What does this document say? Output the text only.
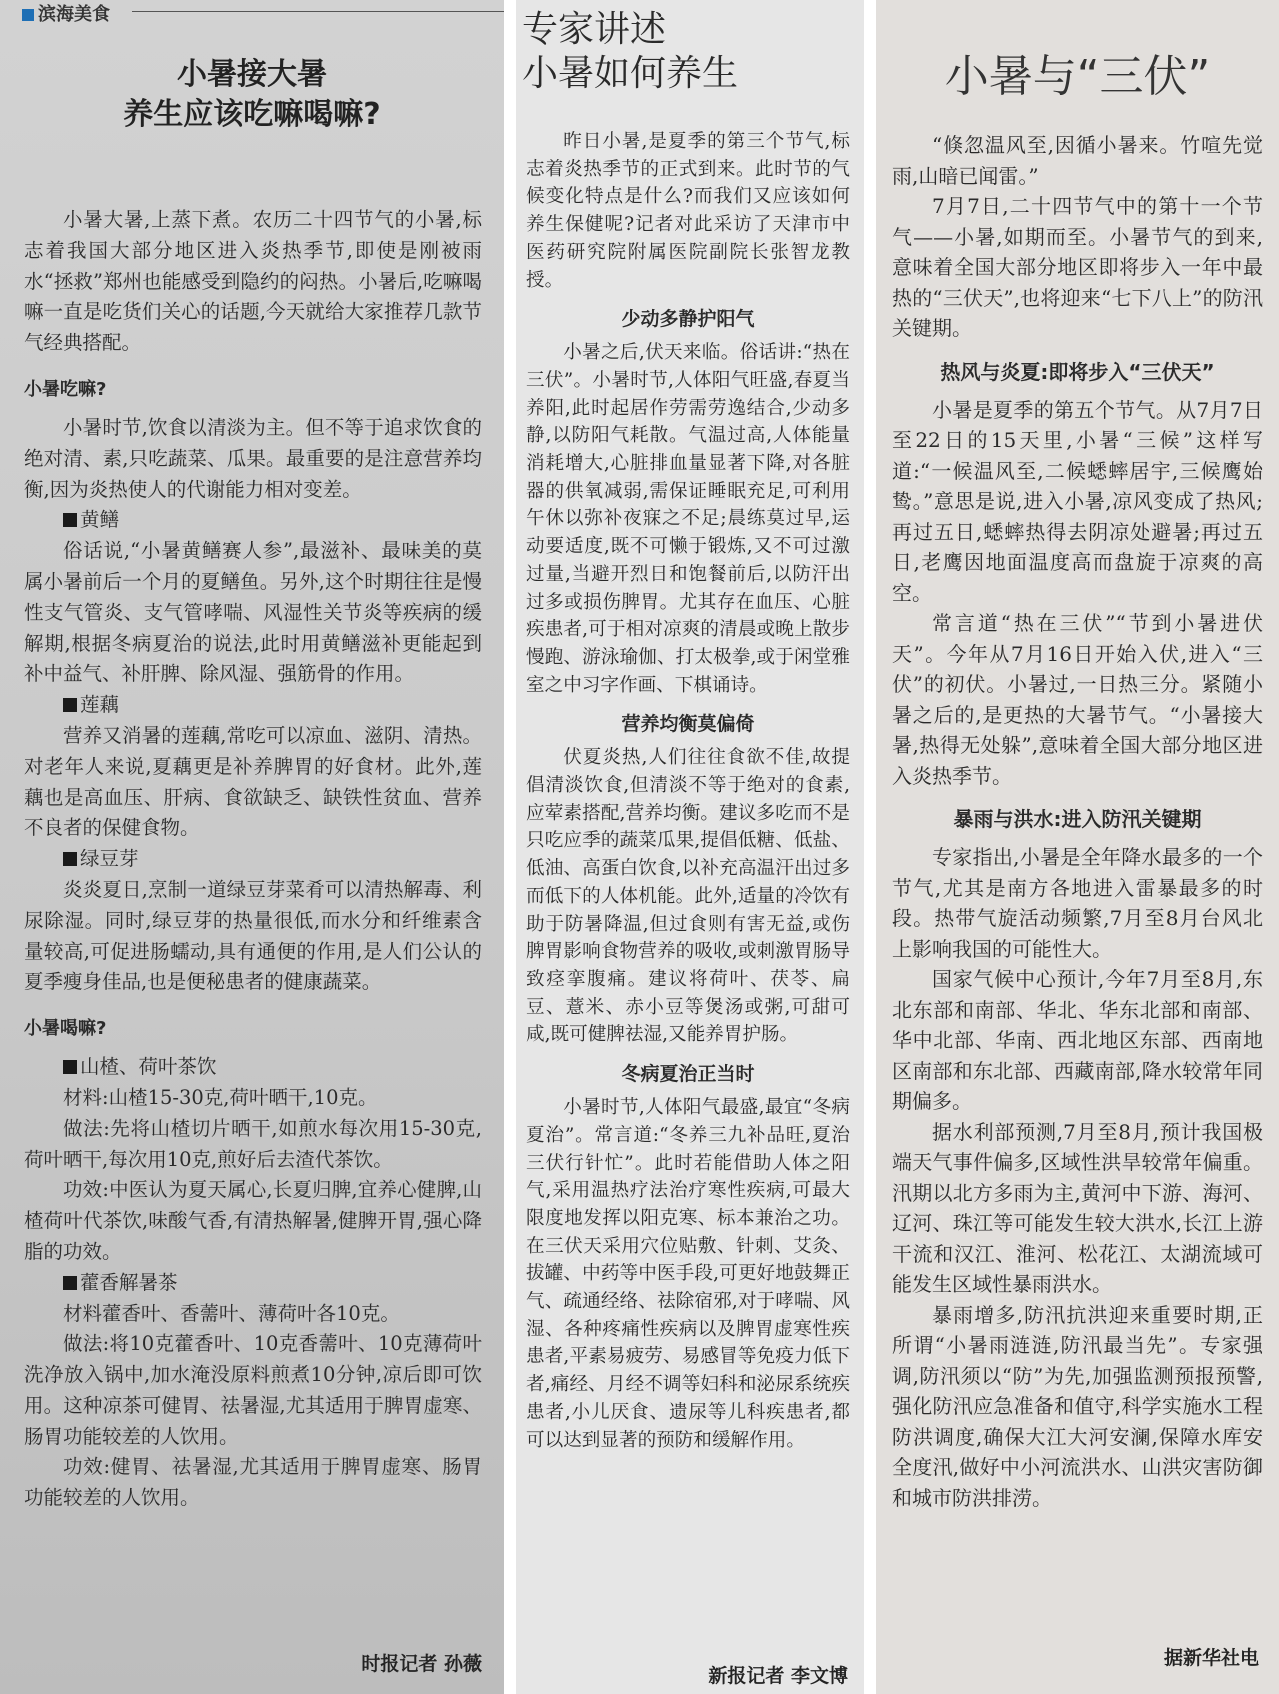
滨海美食
小暑接大暑
养生应该吃嘛喝嘛?

小暑大暑,上蒸下煮。农历二十四节气的小暑,标志着我国大部分地区进入炎热季节,即使是刚被雨水“拯救”郑州也能感受到隐约的闷热。小暑后,吃嘛喝嘛一直是吃货们关心的话题,今天就给大家推荐几款节气经典搭配。

小暑吃嘛?

小暑时节,饮食以清淡为主。但不等于追求饮食的绝对清、素,只吃蔬菜、瓜果。最重要的是注意营养均衡,因为炎热使人的代谢能力相对变差。

黄鳝

俗话说,“小暑黄鳝赛人参”,最滋补、最味美的莫属小暑前后一个月的夏鳝鱼。另外,这个时期往往是慢性支气管炎、支气管哮喘、风湿性关节炎等疾病的缓解期,根据冬病夏治的说法,此时用黄鳝滋补更能起到补中益气、补肝脾、除风湿、强筋骨的作用。

莲藕

营养又消暑的莲藕,常吃可以凉血、滋阴、清热。对老年人来说,夏藕更是补养脾胃的好食材。此外,莲藕也是高血压、肝病、食欲缺乏、缺铁性贫血、营养不良者的保健食物。

绿豆芽

炎炎夏日,烹制一道绿豆芽菜肴可以清热解毒、利尿除湿。同时,绿豆芽的热量很低,而水分和纤维素含量较高,可促进肠蠕动,具有通便的作用,是人们公认的夏季瘦身佳品,也是便秘患者的健康蔬菜。

小暑喝嘛?

山楂、荷叶茶饮

材料:山楂15-30克,荷叶晒干,10克。

做法:先将山楂切片晒干,如煎水每次用15-30克,荷叶晒干,每次用10克,煎好后去渣代茶饮。

功效:中医认为夏天属心,长夏归脾,宜养心健脾,山楂荷叶代茶饮,味酸气香,有清热解暑,健脾开胃,强心降脂的功效。

藿香解暑茶

材料藿香叶、香薷叶、薄荷叶各10克。

做法:将10克藿香叶、10克香薷叶、10克薄荷叶洗净放入锅中,加水淹没原料煎煮10分钟,凉后即可饮用。这种凉茶可健胃、祛暑湿,尤其适用于脾胃虚寒、肠胃功能较差的人饮用。

功效:健胃、祛暑湿,尤其适用于脾胃虚寒、肠胃功能较差的人饮用。

时报记者 孙薇
专家讲述
小暑如何养生

昨日小暑,是夏季的第三个节气,标志着炎热季节的正式到来。此时节的气候变化特点是什么?而我们又应该如何养生保健呢?记者对此采访了天津市中医药研究院附属医院副院长张智龙教授。

少动多静护阳气

小暑之后,伏天来临。俗话讲:“热在三伏”。小暑时节,人体阳气旺盛,春夏当养阳,此时起居作劳需劳逸结合,少动多静,以防阳气耗散。气温过高,人体能量消耗增大,心脏排血量显著下降,对各脏器的供氧减弱,需保证睡眠充足,可利用午休以弥补夜寐之不足;晨练莫过早,运动要适度,既不可懒于锻炼,又不可过激过量,当避开烈日和饱餐前后,以防汗出过多或损伤脾胃。尤其存在血压、心脏疾患者,可于相对凉爽的清晨或晚上散步慢跑、游泳瑜伽、打太极拳,或于闲堂雅室之中习字作画、下棋诵诗。

营养均衡莫偏倚

伏夏炎热,人们往往食欲不佳,故提倡清淡饮食,但清淡不等于绝对的食素,应荤素搭配,营养均衡。建议多吃而不是只吃应季的蔬菜瓜果,提倡低糖、低盐、低油、高蛋白饮食,以补充高温汗出过多而低下的人体机能。此外,适量的冷饮有助于防暑降温,但过食则有害无益,或伤脾胃影响食物营养的吸收,或刺激胃肠导致痉挛腹痛。建议将荷叶、茯苓、扁豆、薏米、赤小豆等煲汤或粥,可甜可咸,既可健脾祛湿,又能养胃护肠。

冬病夏治正当时

小暑时节,人体阳气最盛,最宜“冬病夏治”。常言道:“冬养三九补品旺,夏治三伏行针忙”。此时若能借助人体之阳气,采用温热疗法治疗寒性疾病,可最大限度地发挥以阳克寒、标本兼治之功。在三伏天采用穴位贴敷、针刺、艾灸、拔罐、中药等中医手段,可更好地鼓舞正气、疏通经络、祛除宿邪,对于哮喘、风湿、各种疼痛性疾病以及脾胃虚寒性疾患者,平素易疲劳、易感冒等免疫力低下者,痛经、月经不调等妇科和泌尿系统疾患者,小儿厌食、遗尿等儿科疾患者,都可以达到显著的预防和缓解作用。

新报记者 李文博
小暑与“三伏”

“倏忽温风至,因循小暑来。竹喧先觉雨,山暗已闻雷。”

7月7日,二十四节气中的第十一个节气——小暑,如期而至。小暑节气的到来,意味着全国大部分地区即将步入一年中最热的“三伏天”,也将迎来“七下八上”的防汛关键期。

热风与炎夏:即将步入“三伏天”

小暑是夏季的第五个节气。从7月7日至22日的15天里,小暑“三候”这样写道:“一候温风至,二候蟋蟀居宇,三候鹰始鸷。”意思是说,进入小暑,凉风变成了热风;再过五日,蟋蟀热得去阴凉处避暑;再过五日,老鹰因地面温度高而盘旋于凉爽的高空。

常言道“热在三伏”“节到小暑进伏天”。今年从7月16日开始入伏,进入“三伏”的初伏。小暑过,一日热三分。紧随小暑之后的,是更热的大暑节气。“小暑接大暑,热得无处躲”,意味着全国大部分地区进入炎热季节。

暴雨与洪水:进入防汛关键期

专家指出,小暑是全年降水最多的一个节气,尤其是南方各地进入雷暴最多的时段。热带气旋活动频繁,7月至8月台风北上影响我国的可能性大。

国家气候中心预计,今年7月至8月,东北东部和南部、华北、华东北部和南部、华中北部、华南、西北地区东部、西南地区南部和东北部、西藏南部,降水较常年同期偏多。

据水利部预测,7月至8月,预计我国极端天气事件偏多,区域性洪旱较常年偏重。汛期以北方多雨为主,黄河中下游、海河、辽河、珠江等可能发生较大洪水,长江上游干流和汉江、淮河、松花江、太湖流域可能发生区域性暴雨洪水。

暴雨增多,防汛抗洪迎来重要时期,正所谓“小暑雨涟涟,防汛最当先”。专家强调,防汛须以“防”为先,加强监测预报预警,强化防汛应急准备和值守,科学实施水工程防洪调度,确保大江大河安澜,保障水库安全度汛,做好中小河流洪水、山洪灾害防御和城市防洪排涝。

据新华社电
